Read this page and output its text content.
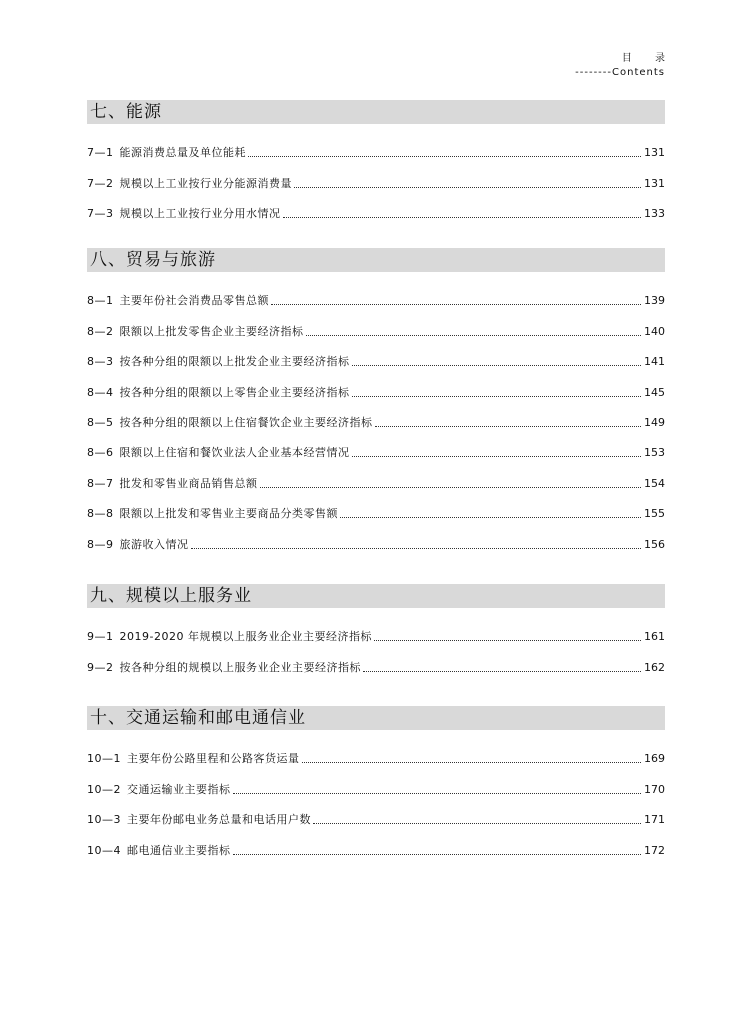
目 录
--------Contents
七、能源
7—1 能源消费总量及单位能耗	131
7—2 规模以上工业按行业分能源消费量	131
7—3 规模以上工业按行业分用水情况	133
八、贸易与旅游
8—1 主要年份社会消费品零售总额	139
8—2 限额以上批发零售企业主要经济指标	140
8—3 按各种分组的限额以上批发企业主要经济指标	141
8—4 按各种分组的限额以上零售企业主要经济指标	145
8—5 按各种分组的限额以上住宿餐饮企业主要经济指标	149
8—6 限额以上住宿和餐饮业法人企业基本经营情况	153
8—7 批发和零售业商品销售总额	154
8—8 限额以上批发和零售业主要商品分类零售额	155
8—9 旅游收入情况	156
九、规模以上服务业
9—1 2019-2020 年规模以上服务业企业主要经济指标	161
9—2 按各种分组的规模以上服务业企业主要经济指标	162
十、交通运输和邮电通信业
10—1 主要年份公路里程和公路客货运量	169
10—2 交通运输业主要指标	170
10—3 主要年份邮电业务总量和电话用户数	171
10—4 邮电通信业主要指标	172
